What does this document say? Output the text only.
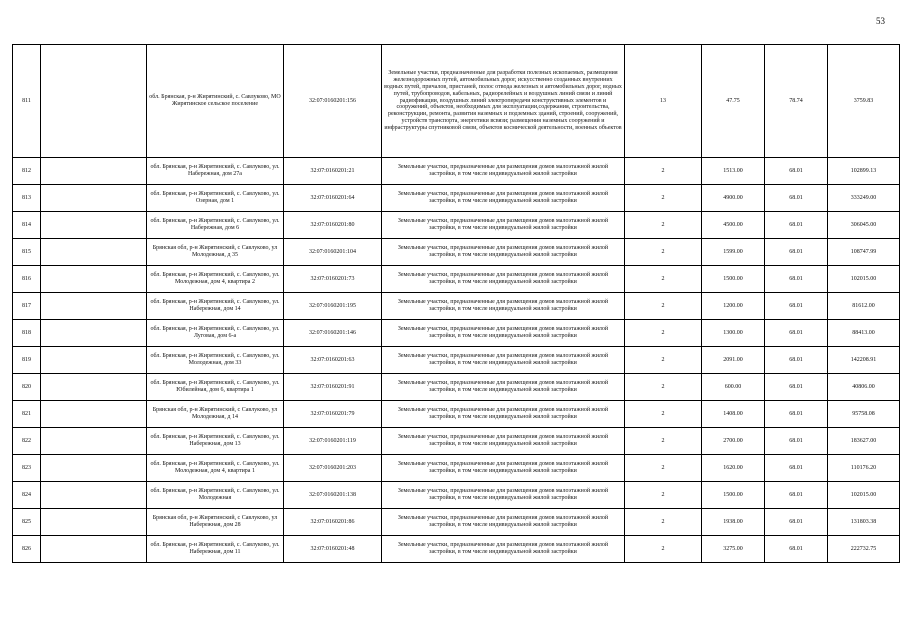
53
811		обл. Брянская, р-н Жирятинский, с. Савлуково, МО Жирятинское сельское поселение	32:07:0160201:156	Земельные участки, предназначенные для разработки полезных ископаемых, размещения железнодорожных путей, автомобильных дорог, искусственно созданных внутренних водных путей, причалов, пристаней, полос отвода железных и автомобильных дорог, водных путей, трубопроводов, кабельных, радиорелейных и воздушных линий связи и линий радиофикации, воздушных линий электропередачи конструктивных элементов и сооружений, объектов, необходимых для эксплуатации,содержания, строительства, реконструкции, ремонта, развития наземных и подземных зданий, строений, сооружений, устройств транспорта, энергетики всвязи; размещения наземных сооружений и инфраструктуры спутниковой связи, объектов космической деятельности, военных объектов	13	47.75	78.74	3759.83
812		обл. Брянская, р-н Жирятинский, с. Савлуково, ул. Набережная, дом 27а	32:07:0160201:21	Земельные участки, предназначенные для размещения домов малоэтажной жилой застройки, в том числе индивидуальной жилой застройки	2	1513.00	68.01	102899.13
813		обл. Брянская, р-н Жирятинский, с. Савлуково, ул. Озерная, дом 1	32:07:0160201:64	Земельные участки, предназначенные для размещения домов малоэтажной жилой застройки, в том числе индивидуальной жилой застройки	2	4900.00	68.01	333249.00
814		обл. Брянская, р-н Жирятинский, с. Савлуково, ул. Набережная, дом 6	32:07:0160201:80	Земельные участки, предназначенные для размещения домов малоэтажной жилой застройки, в том числе индивидуальной жилой застройки	2	4500.00	68.01	306045.00
815		Брянская обл, р-н Жирятинский, с Савлуково, ул Молодежная, д 35	32:07:0160201:104	Земельные участки, предназначенные для размещения домов малоэтажной жилой застройки, в том числе индивидуальной жилой застройки	2	1599.00	68.01	108747.99
816		обл. Брянская, р-н Жирятинский, с. Савлуково, ул. Молодежная, дом 4, квартира 2	32:07:0160201:73	Земельные участки, предназначенные для размещения домов малоэтажной жилой застройки, в том числе индивидуальной жилой застройки	2	1500.00	68.01	102015.00
817		обл. Брянская, р-н Жирятинский, с. Савлуково, ул. Набережная, дом 14	32:07:0160201:195	Земельные участки, предназначенные для размещения домов малоэтажной жилой застройки, в том числе индивидуальной жилой застройки	2	1200.00	68.01	81612.00
818		обл. Брянская, р-н Жирятинский, с. Савлуково, ул. Луговая, дом 6-а	32:07:0160201:146	Земельные участки, предназначенные для размещения домов малоэтажной жилой застройки, в том числе индивидуальной жилой застройки	2	1300.00	68.01	88413.00
819		обл. Брянская, р-н Жирятинский, с. Савлуково, ул. Молодежная, дом 33	32:07:0160201:63	Земельные участки, предназначенные для размещения домов малоэтажной жилой застройки, в том числе индивидуальной жилой застройки	2	2091.00	68.01	142208.91
820		обл. Брянская, р-н Жирятинский, с. Савлуково, ул. Юбилейная, дом 6, квартира 1	32:07:0160201:91	Земельные участки, предназначенные для размещения домов малоэтажной жилой застройки, в том числе индивидуальной жилой застройки	2	600.00	68.01	40806.00
821		Брянская обл, р-н Жирятинский, с Савлуково, ул Молодежная, д 14	32:07:0160201:79	Земельные участки, предназначенные для размещения домов малоэтажной жилой застройки, в том числе индивидуальной жилой застройки	2	1408.00	68.01	95758.08
822		обл. Брянская, р-н Жирятинский, с. Савлуково, ул. Набережная, дом 13	32:07:0160201:119	Земельные участки, предназначенные для размещения домов малоэтажной жилой застройки, в том числе индивидуальной жилой застройки	2	2700.00	68.01	183627.00
823		обл. Брянская, р-н Жирятинский, с. Савлуково, ул. Молодежная, дом 4, квартира 1	32:07:0160201:203	Земельные участки, предназначенные для размещения домов малоэтажной жилой застройки, в том числе индивидуальной жилой застройки	2	1620.00	68.01	110176.20
824		обл. Брянская, р-н Жирятинский, с. Савлуково, ул. Молодежная	32:07:0160201:138	Земельные участки, предназначенные для размещения домов малоэтажной жилой застройки, в том числе индивидуальной жилой застройки	2	1500.00	68.01	102015.00
825		Брянская обл, р-н Жирятинский, с Савлуково, ул Набережная, дом 28	32:07:0160201:86	Земельные участки, предназначенные для размещения домов малоэтажной жилой застройки, в том числе индивидуальной жилой застройки	2	1938.00	68.01	131803.38
826		обл. Брянская, р-н Жирятинский, с. Савлуково, ул. Набережная, дом 11	32:07:0160201:48	Земельные участки, предназначенные для размещения домов малоэтажной жилой застройки, в том числе индивидуальной жилой застройки	2	3275.00	68.01	222732.75
